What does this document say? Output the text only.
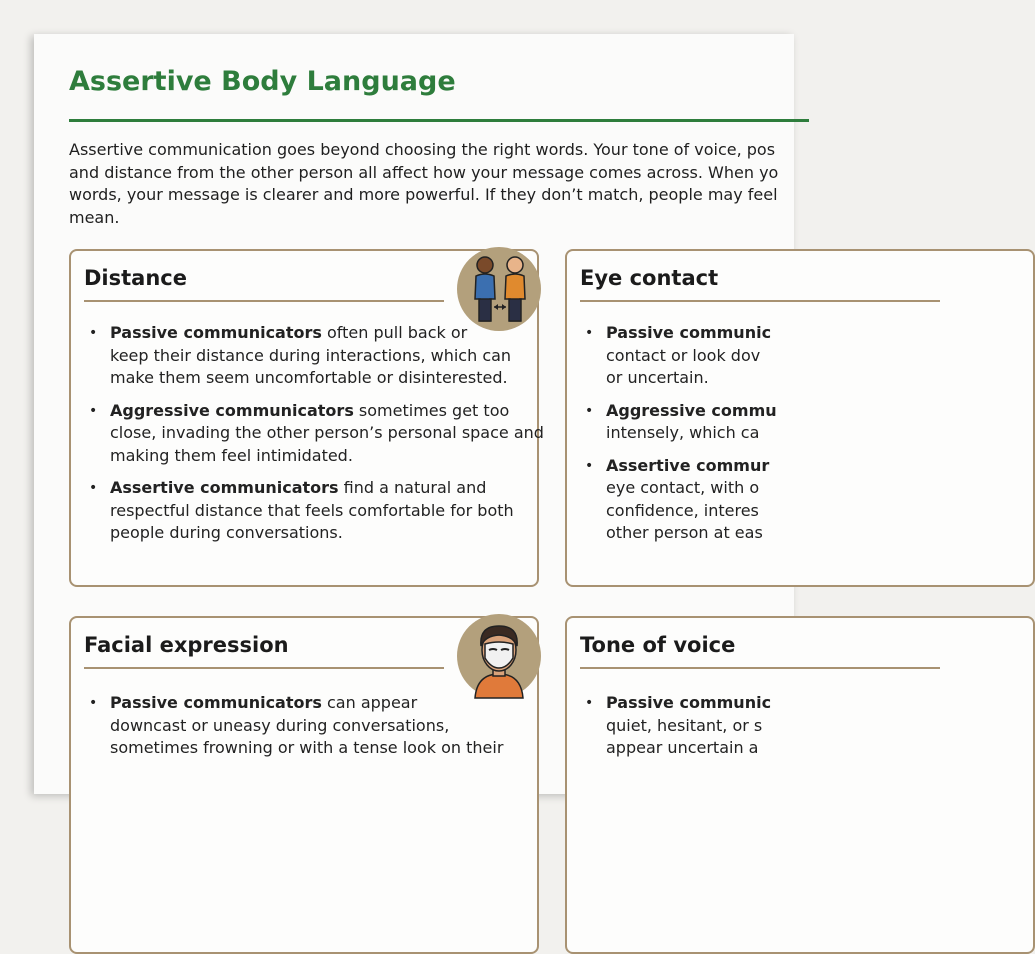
Assertive Body Language

Assertive communication goes beyond choosing the right words. Your tone of voice, pos
and distance from the other person all affect how your message comes across. When yo
words, your message is clearer and more powerful. If they don’t match, people may feel
mean.

Distance
• Passive communicators often pull back or
keep their distance during interactions, which can
make them seem uncomfortable or disinterested.
• Aggressive communicators sometimes get too
close, invading the other person’s personal space and
making them feel intimidated.
• Assertive communicators find a natural and
respectful distance that feels comfortable for both
people during conversations.
Eye contact
• Passive communic
contact or look dov
or uncertain.
• Aggressive commu
intensely, which ca
• Assertive commur
eye contact, with o
confidence, interes
other person at eas
Facial expression
• Passive communicators can appear
downcast or uneasy during conversations,
sometimes frowning or with a tense look on their
Tone of voice
• Passive communic
quiet, hesitant, or s
appear uncertain a
